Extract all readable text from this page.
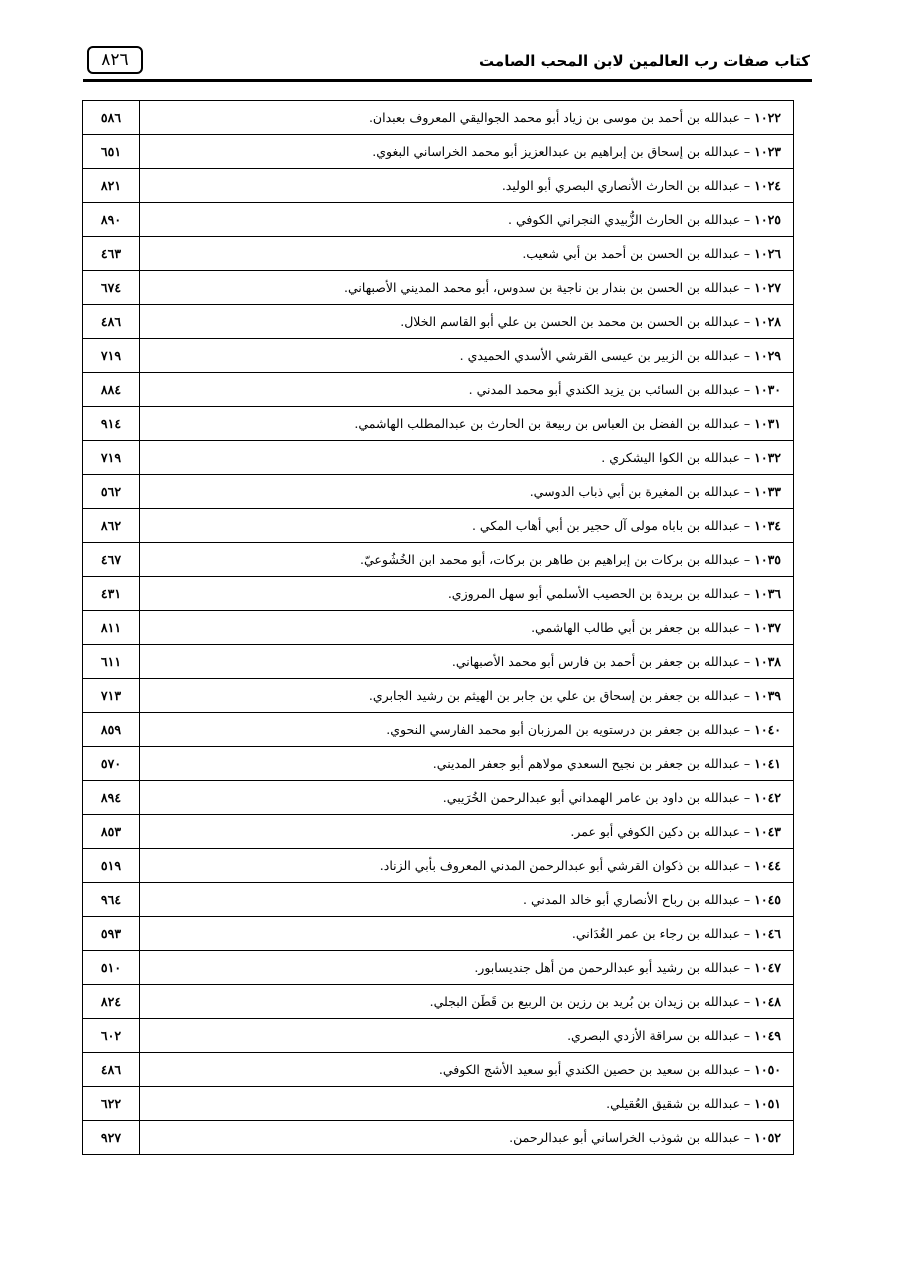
٨٢٦	كتاب صفات رب العالمين لابن المحب الصامت
٥٨٦	١٠٢٢ – عبدالله بن أحمد بن موسى بن زياد أبو محمد الجواليقي المعروف بعبدان.
٦٥١	١٠٢٣ – عبدالله بن إسحاق بن إبراهيم بن عبدالعزيز أبو محمد الخراساني البغوي.
٨٢١	١٠٢٤ – عبدالله بن الحارث الأنصاري البصري أبو الوليد.
٨٩٠	١٠٢٥ – عبدالله بن الحارث الزُّبيدي النجراني الكوفي .
٤٦٣	١٠٢٦ – عبدالله بن الحسن بن أحمد بن أبي شعيب.
٦٧٤	١٠٢٧ – عبدالله بن الحسن بن بندار بن ناجية بن سدوس، أبو محمد المديني الأصبهاني.
٤٨٦	١٠٢٨ – عبدالله بن الحسن بن محمد بن الحسن بن علي أبو القاسم الخلال.
٧١٩	١٠٢٩ – عبدالله بن الزبير بن عيسى القرشي الأسدي الحميدي .
٨٨٤	١٠٣٠ – عبدالله بن السائب بن يزيد الكندي أبو محمد المدني .
٩١٤	١٠٣١ – عبدالله بن الفضل بن العباس بن ربيعة بن الحارث بن عبدالمطلب الهاشمي.
٧١٩	١٠٣٢ – عبدالله بن الكوا اليشكري .
٥٦٢	١٠٣٣ – عبدالله بن المغيرة بن أبي ذباب الدوسي.
٨٦٢	١٠٣٤ – عبدالله بن باباه مولى آل حجير بن أبي أهاب المكي .
٤٦٧	١٠٣٥ – عبدالله بن بركات بن إبراهيم بن طاهر بن بركات، أبو محمد ابن الخُشُوعيّ.
٤٣١	١٠٣٦ – عبدالله بن بريدة بن الحصيب الأسلمي أبو سهل المروزي.
٨١١	١٠٣٧ – عبدالله بن جعفر بن أبي طالب الهاشمي.
٦١١	١٠٣٨ – عبدالله بن جعفر بن أحمد بن فارس أبو محمد الأصبهاني.
٧١٣	١٠٣٩ – عبدالله بن جعفر بن إسحاق بن علي بن جابر بن الهيثم بن رشيد الجابري.
٨٥٩	١٠٤٠ – عبدالله بن جعفر بن درستويه بن المرزبان أبو محمد الفارسي النحوي.
٥٧٠	١٠٤١ – عبدالله بن جعفر بن نجيح السعدي مولاهم أبو جعفر المديني.
٨٩٤	١٠٤٢ – عبدالله بن داود بن عامر الهمداني أبو عبدالرحمن الخُرَيبي.
٨٥٣	١٠٤٣ – عبدالله بن دكين الكوفي أبو عمر.
٥١٩	١٠٤٤ – عبدالله بن ذكوان القرشي أبو عبدالرحمن المدني المعروف بأبي الزناد.
٩٦٤	١٠٤٥ – عبدالله بن رباح الأنصاري أبو خالد المدني .
٥٩٣	١٠٤٦ – عبدالله بن رجاء بن عمر الغُدَاني.
٥١٠	١٠٤٧ – عبدالله بن رشيد أبو عبدالرحمن من أهل جنديسابور.
٨٢٤	١٠٤٨ – عبدالله بن زيدان بن بُريد بن رزين بن الربيع بن قَطَن البجلي.
٦٠٢	١٠٤٩ – عبدالله بن سراقة الأزدي البصري.
٤٨٦	١٠٥٠ – عبدالله بن سعيد بن حصين الكندي أبو سعيد الأشج الكوفي.
٦٢٢	١٠٥١ – عبدالله بن شقيق العُقيلي.
٩٢٧	١٠٥٢ – عبدالله بن شوذب الخراساني أبو عبدالرحمن.
